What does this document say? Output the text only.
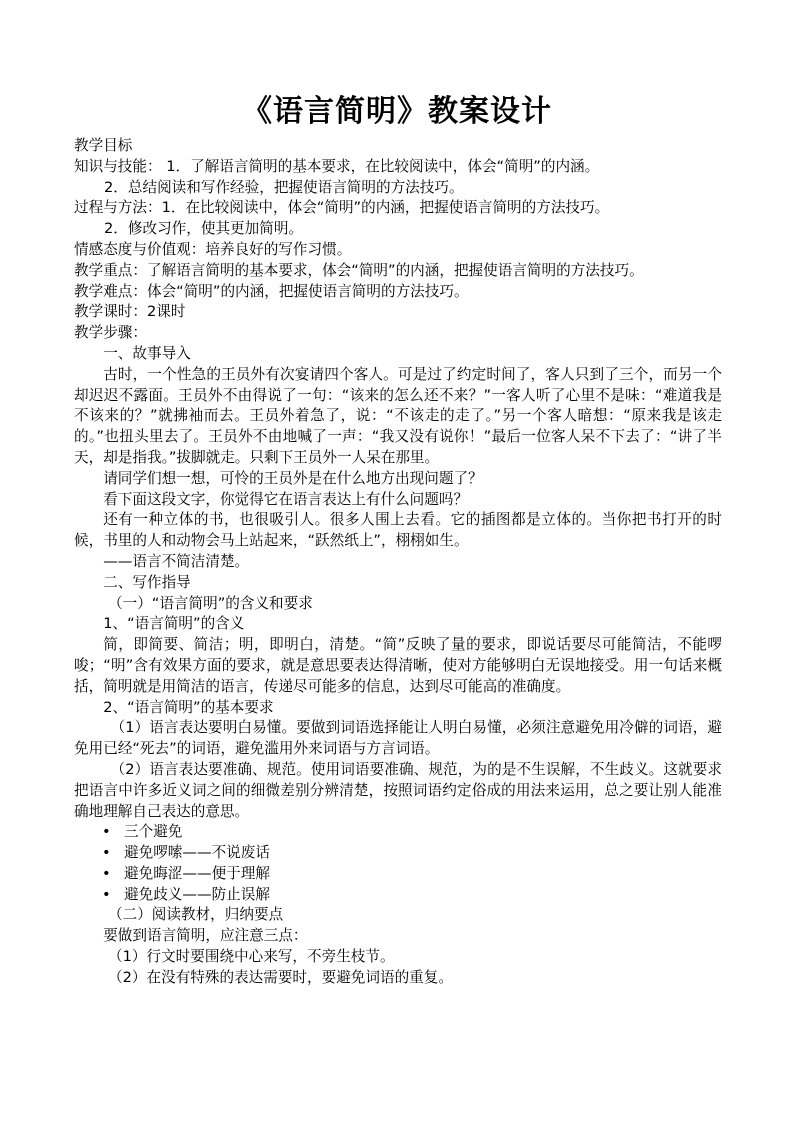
《语言简明》教案设计

教学目标

知识与技能： 1．了解语言简明的基本要求，在比较阅读中，体会“简明”的内涵。

2．总结阅读和写作经验，把握使语言简明的方法技巧。

过程与方法：1．在比较阅读中，体会“简明”的内涵，把握使语言简明的方法技巧。

2．修改习作，使其更加简明。

情感态度与价值观：培养良好的写作习惯。

教学重点：了解语言简明的基本要求，体会“简明”的内涵，把握使语言简明的方法技巧。

教学难点：体会“简明”的内涵，把握使语言简明的方法技巧。

教学课时：2课时

教学步骤：

一、故事导入

古时，一个性急的王员外有次宴请四个客人。可是过了约定时间了，客人只到了三个，而另一个却迟迟不露面。王员外不由得说了一句：“该来的怎么还不来？”一客人听了心里不是味：“难道我是不该来的？”就拂袖而去。王员外着急了，说：“不该走的走了。”另一个客人暗想：“原来我是该走的。”也扭头里去了。王员外不由地喊了一声：“我又没有说你！”最后一位客人呆不下去了：“讲了半天，却是指我。”拔脚就走。只剩下王员外一人呆在那里。

请同学们想一想，可怜的王员外是在什么地方出现问题了？

看下面这段文字，你觉得它在语言表达上有什么问题吗？

还有一种立体的书，也很吸引人。很多人围上去看。它的插图都是立体的。当你把书打开的时候，书里的人和动物会马上站起来，“跃然纸上”，栩栩如生。

——语言不简洁清楚。

二、写作指导

（一）“语言简明”的含义和要求

1、“语言简明”的含义

简，即简要、简洁；明，即明白，清楚。“简”反映了量的要求，即说话要尽可能简洁，不能啰唆；“明”含有效果方面的要求，就是意思要表达得清晰，使对方能够明白无误地接受。用一句话来概括，简明就是用简洁的语言，传递尽可能多的信息，达到尽可能高的准确度。

2、“语言简明”的基本要求

（1）语言表达要明白易懂。要做到词语选择能让人明白易懂，必须注意避免用冷僻的词语，避免用已经“死去”的词语，避免滥用外来词语与方言词语。

（2）语言表达要准确、规范。使用词语要准确、规范，为的是不生误解，不生歧义。这就要求把语言中许多近义词之间的细微差别分辨清楚，按照词语约定俗成的用法来运用，总之要让别人能准确地理解自己表达的意思。

• 三个避免
• 避免啰嗦——不说废话
• 避免晦涩——便于理解
• 避免歧义——防止误解

（二）阅读教材，归纳要点

要做到语言简明，应注意三点：

（1）行文时要围绕中心来写，不旁生枝节。

（2）在没有特殊的表达需要时，要避免词语的重复。
